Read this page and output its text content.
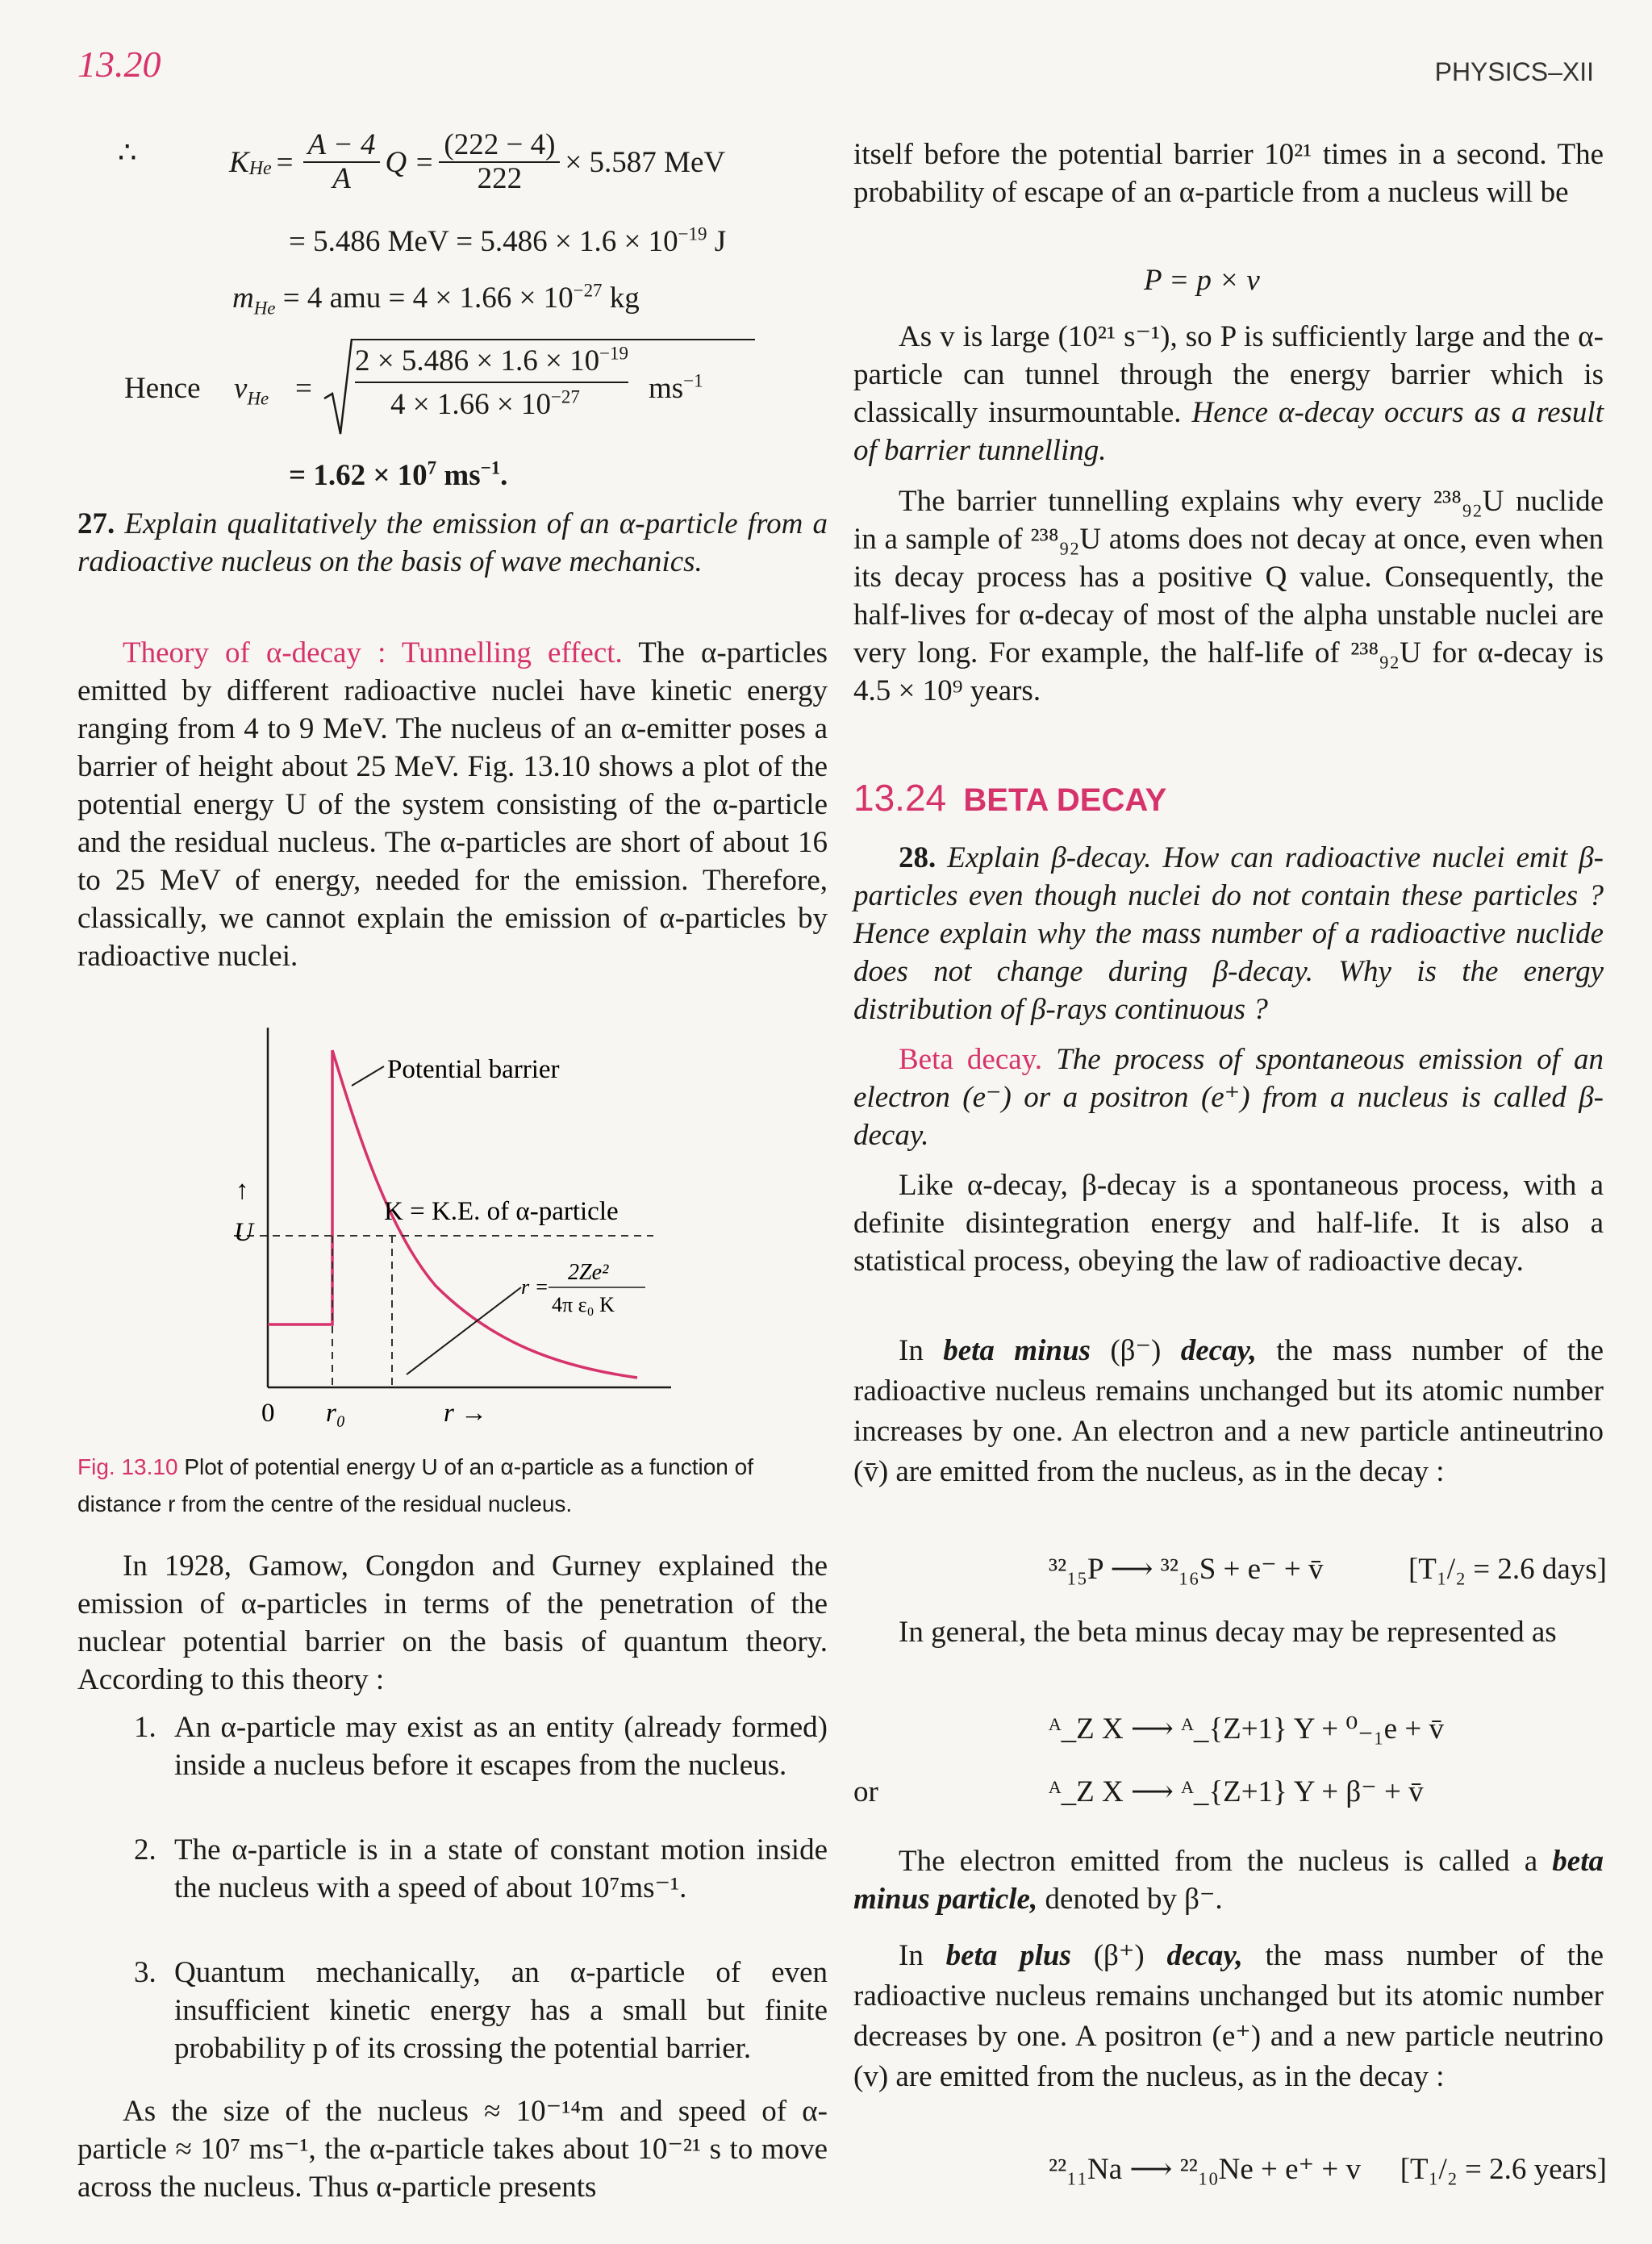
13.20	PHYSICS–XII
∴	K $He = \frac{A - 4}{A}$ $Q = \frac{(222 - 4)}{222} \times 5.587$ MeV
= 5.486 MeV = $5.486 \times 1.6 \times 10^{-19}$ J
$m_{He} = 4$ amu = $4 \times 1.66 \times 10^{-27}$ kg
Hence $v_{He}$ =
$2 \times 5.486 \times 1.6 \times 10^{-19}$
$4 \times 1.66 \times 10^{-27}$ $ms^{-1}$
= $1.62 \times 10^7$ $ms^{-1}$.

27. Explain qualitatively the emission of an α-particle from a radioactive nucleus on the basis of wave mechanics.

Theory of α-decay : Tunnelling effect. The α-particles emitted by different radioactive nuclei have kinetic energy ranging from 4 to 9 MeV. The nucleus of an α-emitter poses a barrier of height about 25 MeV. Fig. 13.10 shows a plot of the potential energy U of the system consisting of the α-particle and the residual nucleus. The α-particles are short of about 16 to 25 MeV of energy, needed for the emission. Therefore, classically, we cannot explain the emission of α-particles by radioactive nuclei.

Potential barrier
K = K.E. of α-particle
↑
U
r =
2Ze²
4π ε₀ K
0 r₀	r →

Fig. 13.10 Plot of potential energy U of an α-particle as a function of distance r from the centre of the residual nucleus.

In 1928, Gamow, Congdon and Gurney explained the emission of α-particles in terms of the penetration of the nuclear potential barrier on the basis of quantum theory. According to this theory :

1. An α-particle may exist as an entity (already formed) inside a nucleus before it escapes from the nucleus.
2. The α-particle is in a state of constant motion inside the nucleus with a speed of about 10⁷ms⁻¹.
3. Quantum mechanically, an α-particle of even insufficient kinetic energy has a small but finite probability p of its crossing the potential barrier.

As the size of the nucleus ≈ 10⁻¹⁴m and speed of α-particle ≈ 10⁷ ms⁻¹, the α-particle takes about 10⁻²¹ s to move across the nucleus. Thus α-particle presents

itself before the potential barrier 10²¹ times in a second. The probability of escape of an α-particle from a nucleus will be

P = p × v

As v is large (10²¹ s⁻¹), so P is sufficiently large and the α-particle can tunnel through the energy barrier which is classically insurmountable. Hence α-decay occurs as a result of barrier tunnelling.

The barrier tunnelling explains why every ²³⁸₉₂U nuclide in a sample of ²³⁸₉₂U atoms does not decay at once, even when its decay process has a positive Q value. Consequently, the half-lives for α-decay of most of the alpha unstable nuclei are very long. For example, the half-life of ²³⁸₉₂U for α-decay is 4.5 × 10⁹ years.

13.24 BETA DECAY

28. Explain β-decay. How can radioactive nuclei emit β-particles even though nuclei do not contain these particles ? Hence explain why the mass number of a radioactive nuclide does not change during β-decay. Why is the energy distribution of β-rays continuous ?

Beta decay. The process of spontaneous emission of an electron (e⁻) or a positron (e⁺) from a nucleus is called β-decay.

Like α-decay, β-decay is a spontaneous process, with a definite disintegration energy and half-life. It is also a statistical process, obeying the law of radioactive decay.

In beta minus (β⁻) decay, the mass number of the radioactive nucleus remains unchanged but its atomic number increases by one. An electron and a new particle antineutrino (v̄) are emitted from the nucleus, as in the decay :

³²₁₅P ⟶ ³²₁₆S + e⁻ + v̄	[T₁/₂ = 2.6 days]

In general, the beta minus decay may be represented as

ᴬ_Z X ⟶ ᴬ_{Z+1} Y + ⁰₋₁e + v̄
or	ᴬ_Z X ⟶ ᴬ_{Z+1} Y + β⁻ + v̄

The electron emitted from the nucleus is called a beta minus particle, denoted by β⁻.

In beta plus (β⁺) decay, the mass number of the radioactive nucleus remains unchanged but its atomic number decreases by one. A positron (e⁺) and a new particle neutrino (v) are emitted from the nucleus, as in the decay :

²²₁₁Na ⟶ ²²₁₀Ne + e⁺ + v [T₁/₂ = 2.6 years]
